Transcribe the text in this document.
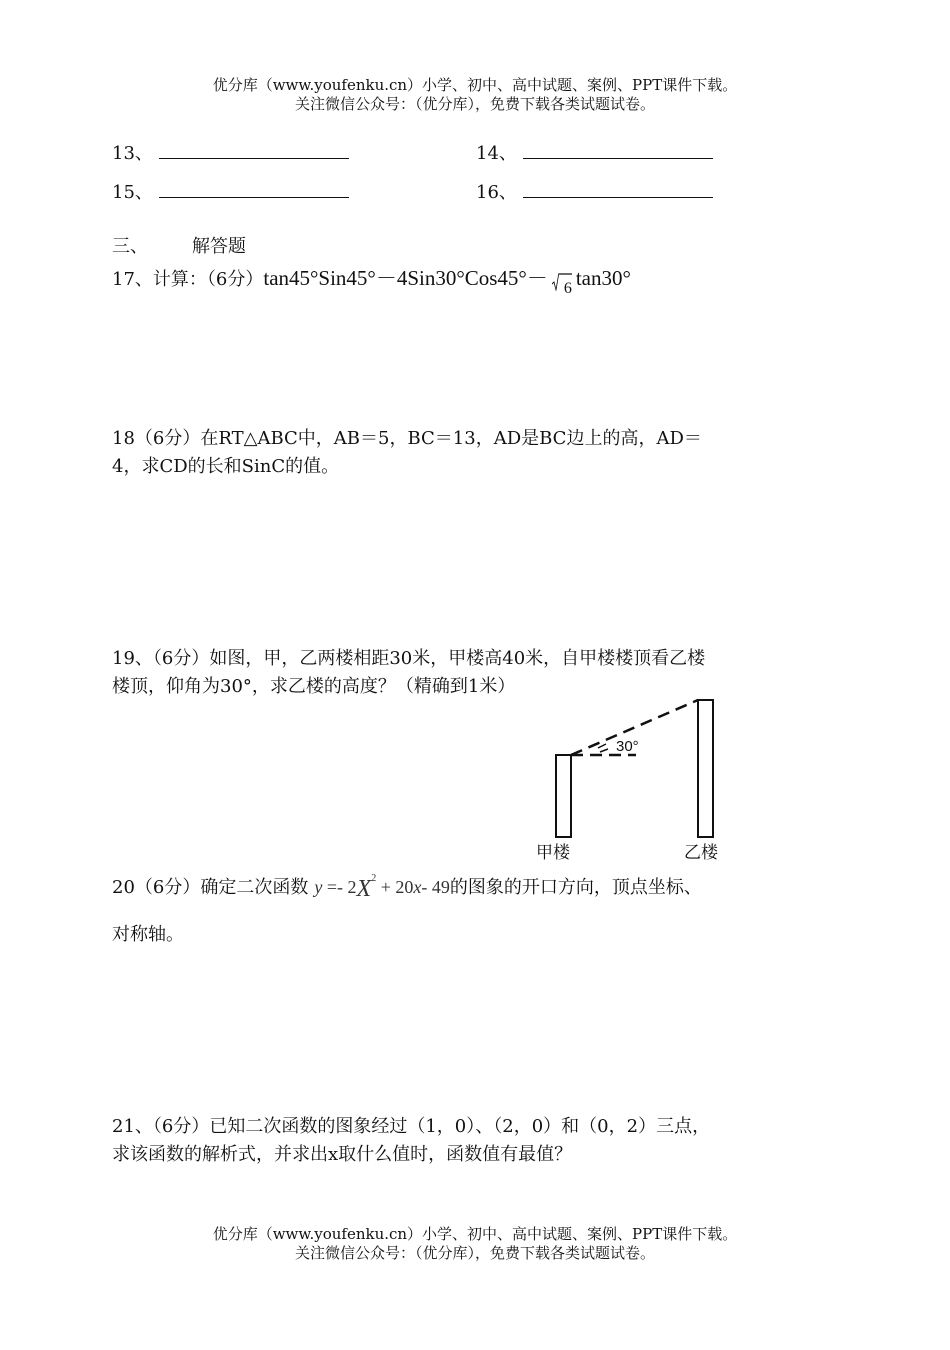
优分库（www.youfenku.cn）小学、初中、高中试题、案例、PPT课件下载。
关注微信公众号：（优分库），免费下载各类试题试卷。
13、	14、
15、	16、
三、 解答题
17、计算：（6分）tan45°Sin45°－4Sin30°Cos45°－ 6 tan30°
18（6分）在RT△ABC中，AB＝5，BC＝13，AD是BC边上的高，AD＝
4，求CD的长和SinC的值。
19、（6分）如图，甲，乙两楼相距30米，甲楼高40米，自甲楼楼顶看乙楼
楼顶，仰角为30°，求乙楼的高度？（精确到1米）
30°
甲楼	乙楼
20（6分）确定二次函数 $y =- 2X^2 + 20x-$ 49的图象的开口方向，顶点坐标、
对称轴。
21、（6分）已知二次函数的图象经过（1，0）、（2，0）和（0，2）三点，
求该函数的解析式，并求出x取什么值时，函数值有最值？
优分库（www.youfenku.cn）小学、初中、高中试题、案例、PPT课件下载。
关注微信公众号：（优分库），免费下载各类试题试卷。
